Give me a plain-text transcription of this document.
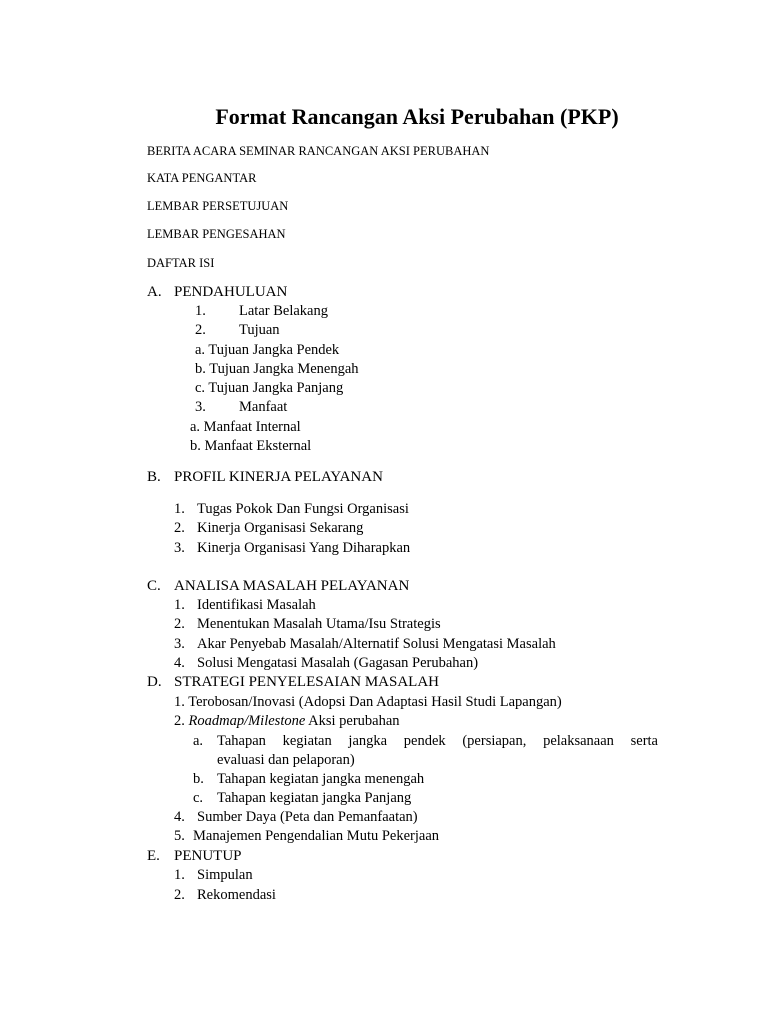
Format Rancangan Aksi Perubahan (PKP)
BERITA ACARA SEMINAR RANCANGAN AKSI PERUBAHAN
KATA PENGANTAR
LEMBAR PERSETUJUAN
LEMBAR PENGESAHAN
DAFTAR ISI
A. PENDAHULUAN
1. Latar Belakang
2. Tujuan
a. Tujuan Jangka Pendek
b. Tujuan Jangka Menengah
c. Tujuan Jangka Panjang
3. Manfaat
a. Manfaat Internal
b. Manfaat Eksternal
B. PROFIL KINERJA PELAYANAN
1. Tugas Pokok Dan Fungsi Organisasi
2. Kinerja Organisasi Sekarang
3. Kinerja Organisasi Yang Diharapkan
C. ANALISA MASALAH PELAYANAN
1. Identifikasi Masalah
2. Menentukan Masalah Utama/Isu Strategis
3. Akar Penyebab Masalah/Alternatif Solusi Mengatasi Masalah
4. Solusi Mengatasi Masalah (Gagasan Perubahan)
D. STRATEGI PENYELESAIAN MASALAH
1. Terobosan/Inovasi (Adopsi Dan Adaptasi Hasil Studi Lapangan)
2. Roadmap/Milestone Aksi perubahan
a. Tahapan kegiatan jangka pendek (persiapan, pelaksanaan serta
evaluasi dan pelaporan)
b. Tahapan kegiatan jangka menengah
c. Tahapan kegiatan jangka Panjang
4. Sumber Daya (Peta dan Pemanfaatan)
5. Manajemen Pengendalian Mutu Pekerjaan
E. PENUTUP
1. Simpulan
2. Rekomendasi
